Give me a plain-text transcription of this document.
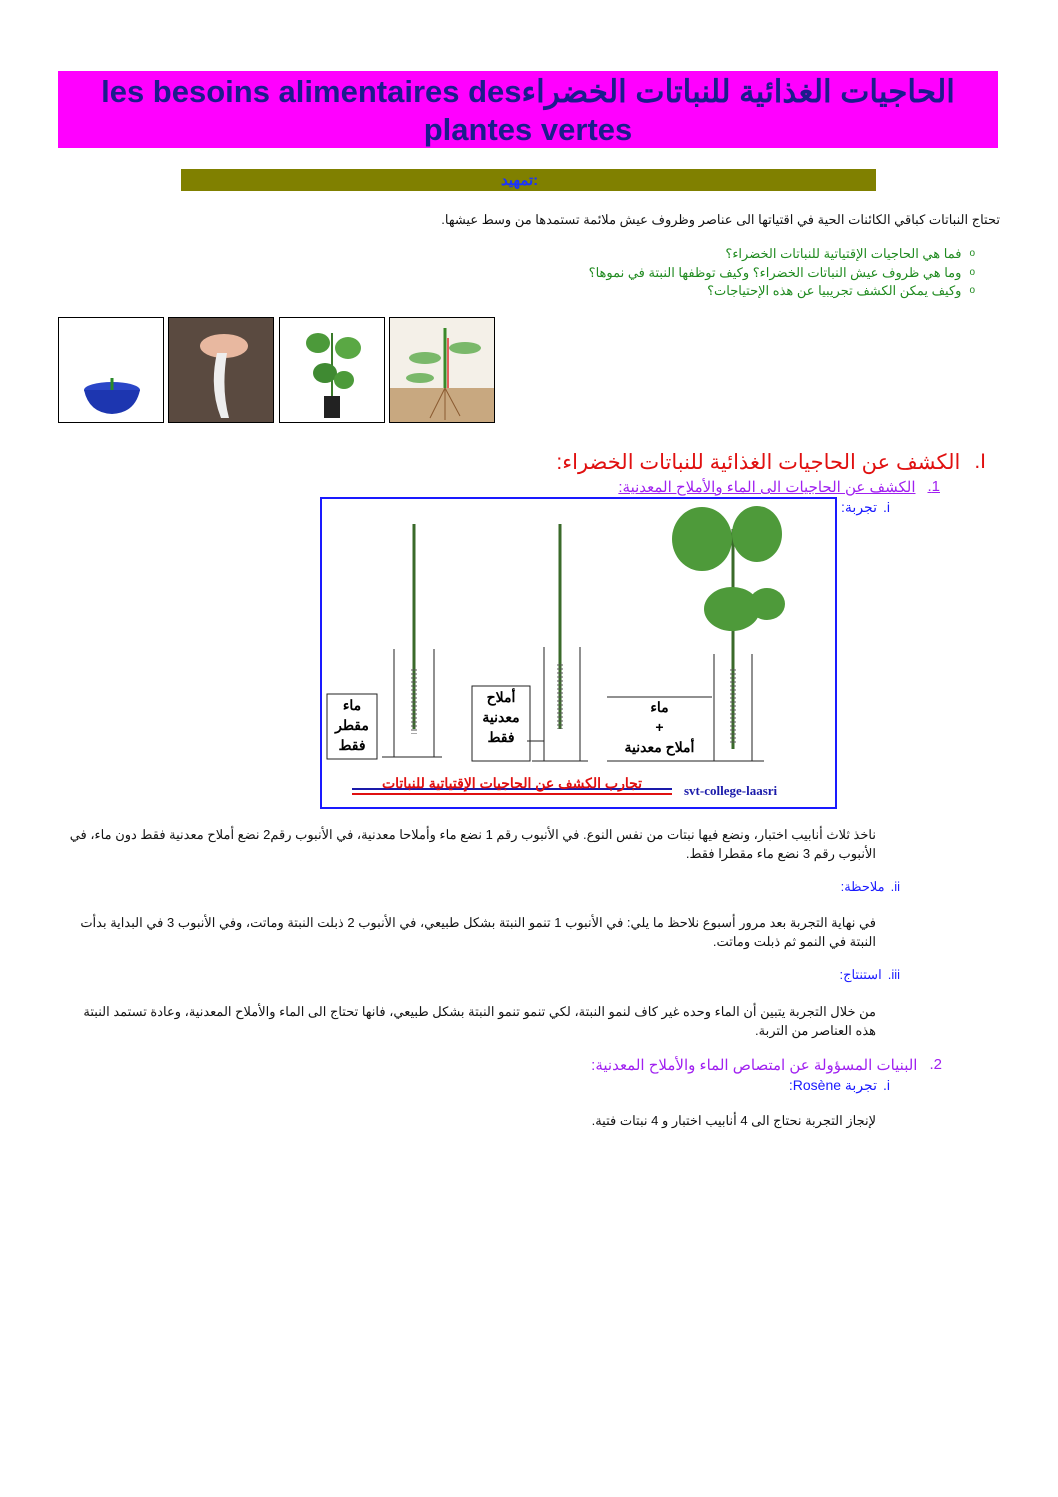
les besoins alimentaires desالحاجيات الغذائية للنباتات الخضراء
plantes vertes
تمهيد:
تحتاج النباتات كباقي الكائنات الحية في اقتياتها الى عناصر وظروف عيش ملائمة تستمدها من وسط عيشها.
o
فما هي الحاجيات الإقتياتية للنباتات الخضراء؟
o
وما هي ظروف عيش النباتات الخضراء؟ وكيف توظفها النبتة في نموها؟
o
وكيف يمكن الكشف تجريبيا عن هذه الإحتياجات؟
I.
الكشف عن الحاجيات الغذائية للنباتات الخضراء:
1.
الكشف عن الحاجيات الى الماء والأملاح المعدنية:
i.
تجربة:
ماء
مقطر
فقط
أملاح
معدنية
فقط
ماء
+
أملاح معدنية
تجارب الكشف عن الحاجيات الإقتياتية للنباتات	svt-college-laasri
ناخذ ثلاث أنابيب اختبار، ونضع فيها نبتات من نفس النوع. في الأنبوب رقم 1 نضع ماء وأملاحا معدنية، في الأنبوب رقم2 نضع أملاح معدنية فقط دون ماء، في الأنبوب رقم 3 نضع ماء مقطرا فقط.
ii.
ملاحظة:
في نهاية التجربة بعد مرور أسبوع نلاحظ ما يلي: في الأنبوب 1 تنمو النبتة بشكل طبيعي، في الأنبوب 2 ذبلت النبتة وماتت، وفي الأنبوب 3 في البداية بدأت النبتة في النمو ثم ذبلت وماتت.
iii.
استنتاج:
من خلال التجربة يتبين أن الماء وحده غير كاف لنمو النبتة، لكي تنمو تنمو النبتة بشكل طبيعي، فانها تحتاج الى الماء والأملاح المعدنية، وعادة تستمد النبتة هذه العناصر من التربة.
2.
البنيات المسؤولة عن امتصاص الماء والأملاح المعدنية:
i.
تجربة Rosène:
لإنجاز التجربة نحتاج الى 4 أنابيب اختبار و 4 نبتات فتية.
